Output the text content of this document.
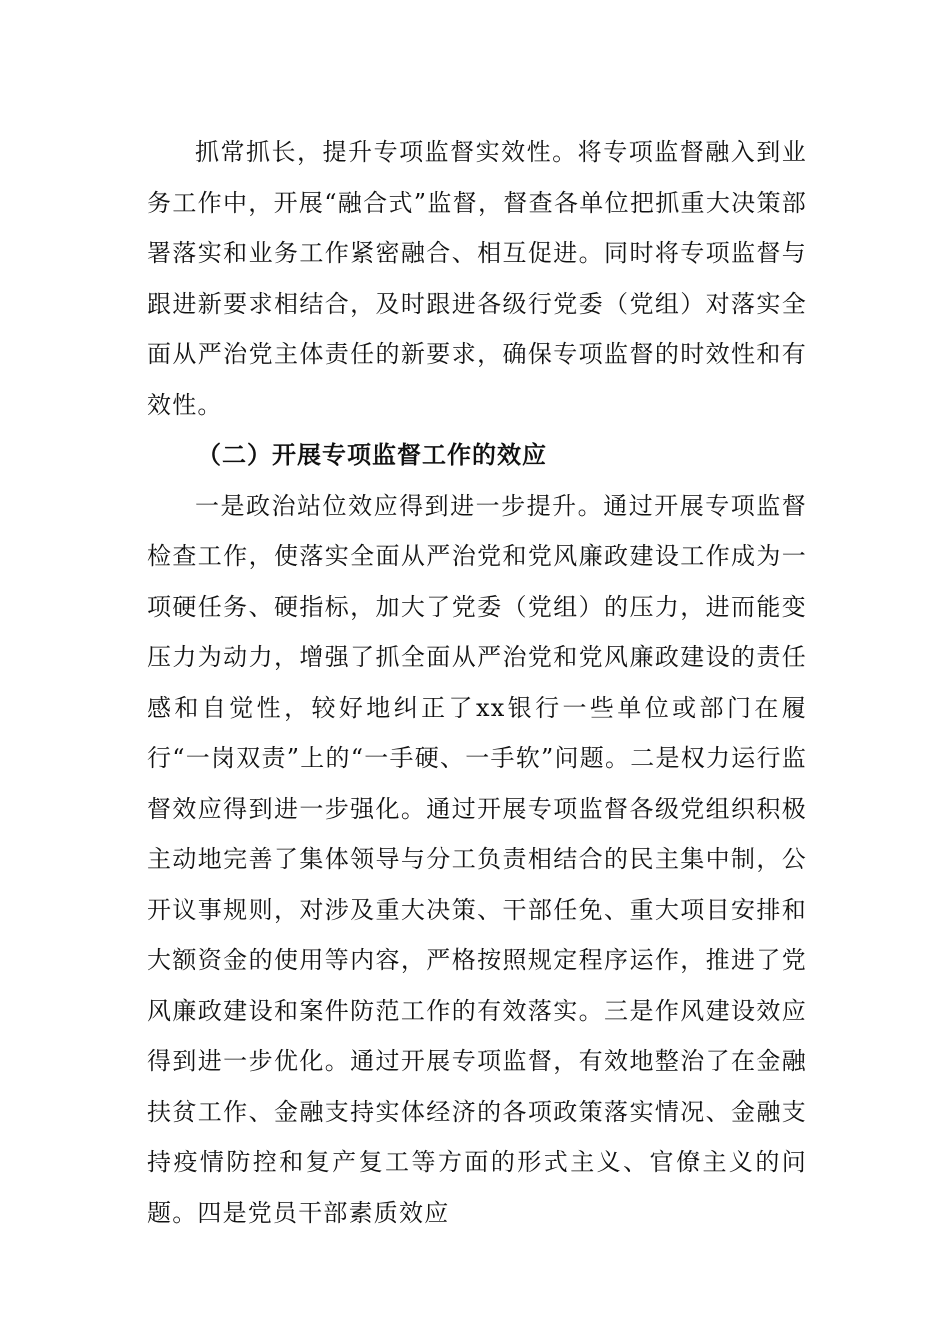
抓常抓长，提升专项监督实效性。将专项监督融入到业务工作中，开展“融合式”监督，督查各单位把抓重大决策部署落实和业务工作紧密融合、相互促进。同时将专项监督与跟进新要求相结合，及时跟进各级行党委（党组）对落实全面从严治党主体责任的新要求，确保专项监督的时效性和有效性。

（二）开展专项监督工作的效应

一是政治站位效应得到进一步提升。通过开展专项监督检查工作，使落实全面从严治党和党风廉政建设工作成为一项硬任务、硬指标，加大了党委（党组）的压力，进而能变压力为动力，增强了抓全面从严治党和党风廉政建设的责任感和自觉性，较好地纠正了xx银行一些单位或部门在履行“一岗双责”上的“一手硬、一手软”问题。二是权力运行监督效应得到进一步强化。通过开展专项监督各级党组织积极主动地完善了集体领导与分工负责相结合的民主集中制，公开议事规则，对涉及重大决策、干部任免、重大项目安排和大额资金的使用等内容，严格按照规定程序运作，推进了党风廉政建设和案件防范工作的有效落实。三是作风建设效应得到进一步优化。通过开展专项监督，有效地整治了在金融扶贫工作、金融支持实体经济的各项政策落实情况、金融支持疫情防控和复产复工等方面的形式主义、官僚主义的问题。四是党员干部素质效应
